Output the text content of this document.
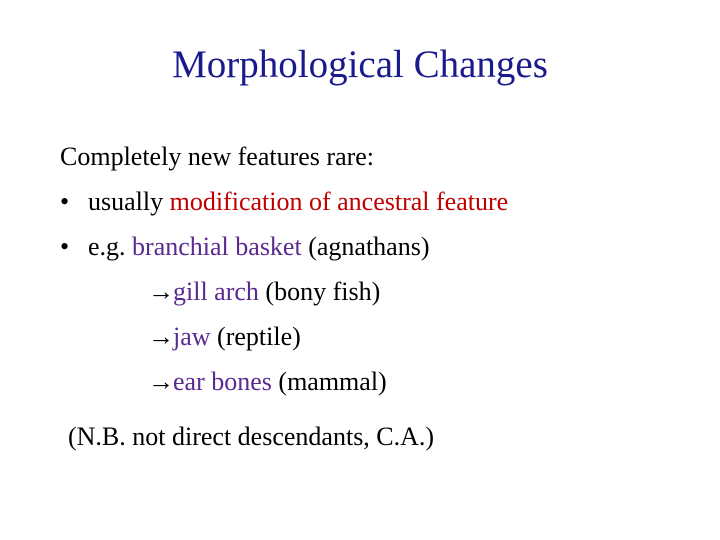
Morphological Changes
Completely new features rare:
• usually modification of ancestral feature
• e.g. branchial basket (agnathans)
→gill arch (bony fish)
→jaw (reptile)
→ear bones (mammal)
(N.B. not direct descendants, C.A.)
